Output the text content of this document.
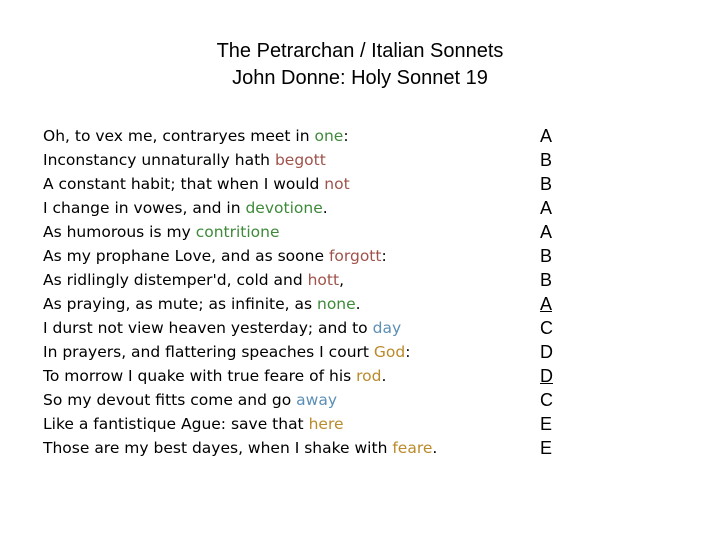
The Petrarchan / Italian Sonnets
John Donne: Holy Sonnet 19
Oh, to vex me, contraryes meet in one:
Inconstancy unnaturally hath begott
A constant habit; that when I would not
I change in vowes, and in devotione.
As humorous is my contritione
As my prophane Love, and as soone forgott:
As ridlingly distemper'd, cold and hott,
As praying, as mute; as infinite, as none.
I durst not view heaven yesterday; and to day
In prayers, and flattering speaches I court God:
To morrow I quake with true feare of his rod.
So my devout fitts come and go away
Like a fantistique Ague: save that here
Those are my best dayes, when I shake with feare.
A
B
B
A
A
B
B
A
C
D
D
C
E
E
